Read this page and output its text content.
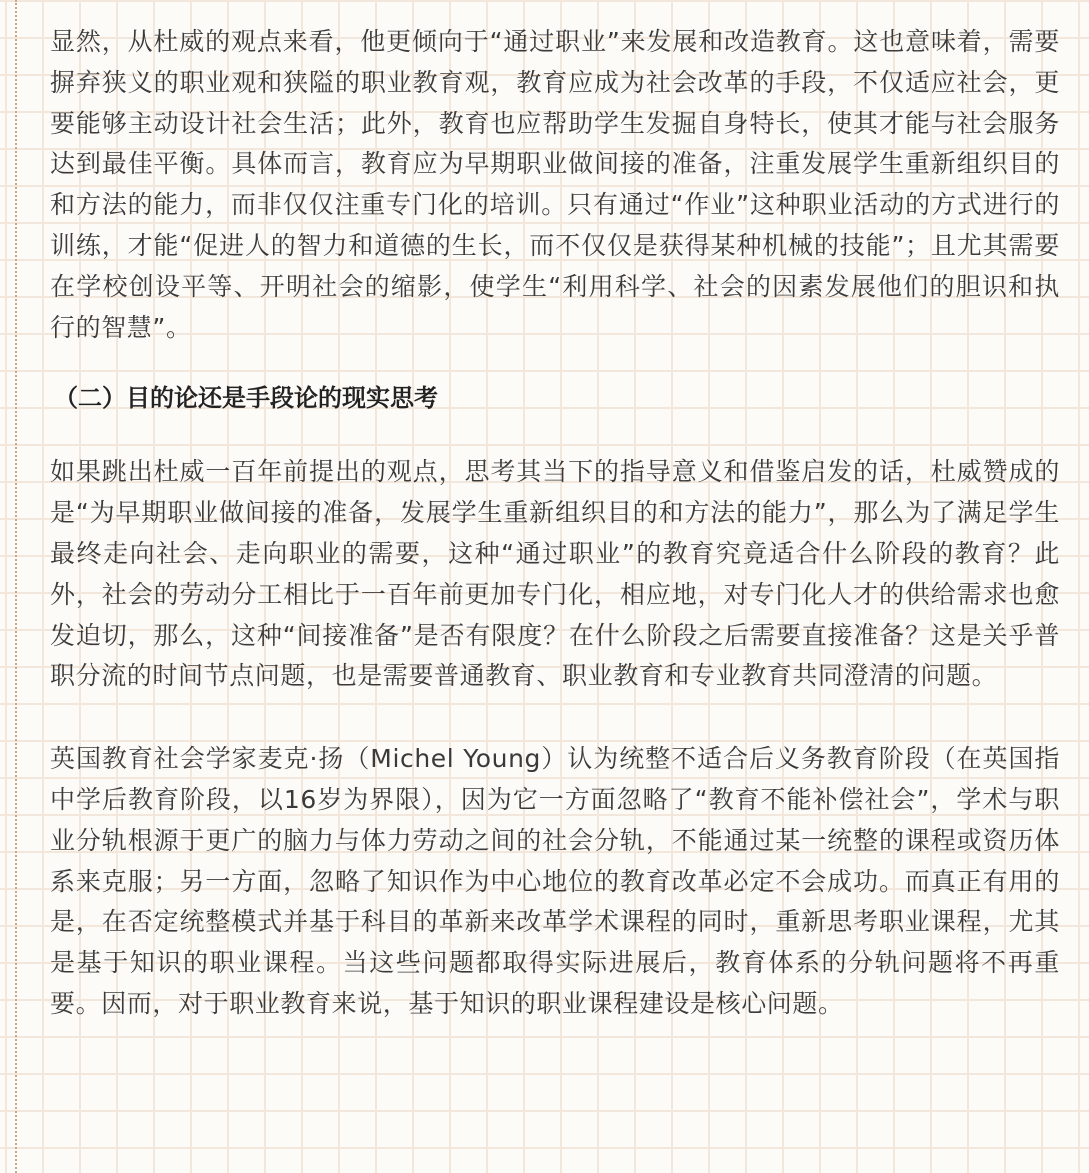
显然，从杜威的观点来看，他更倾向于“通过职业”来发展和改造教育。这也意味着，需要摒弃狭义的职业观和狭隘的职业教育观，教育应成为社会改革的手段，不仅适应社会，更要能够主动设计社会生活；此外，教育也应帮助学生发掘自身特长，使其才能与社会服务达到最佳平衡。具体而言，教育应为早期职业做间接的准备，注重发展学生重新组织目的和方法的能力，而非仅仅注重专门化的培训。只有通过“作业”这种职业活动的方式进行的训练，才能“促进人的智力和道德的生长，而不仅仅是获得某种机械的技能”；且尤其需要在学校创设平等、开明社会的缩影，使学生“利用科学、社会的因素发展他们的胆识和执行的智慧”。

（二）目的论还是手段论的现实思考

如果跳出杜威一百年前提出的观点，思考其当下的指导意义和借鉴启发的话，杜威赞成的是“为早期职业做间接的准备，发展学生重新组织目的和方法的能力”，那么为了满足学生最终走向社会、走向职业的需要，这种“通过职业”的教育究竟适合什么阶段的教育？此外，社会的劳动分工相比于一百年前更加专门化，相应地，对专门化人才的供给需求也愈发迫切，那么，这种“间接准备”是否有限度？在什么阶段之后需要直接准备？这是关乎普职分流的时间节点问题，也是需要普通教育、职业教育和专业教育共同澄清的问题。

英国教育社会学家麦克·扬（Michel Young）认为统整不适合后义务教育阶段（在英国指中学后教育阶段，以16岁为界限），因为它一方面忽略了“教育不能补偿社会”，学术与职业分轨根源于更广的脑力与体力劳动之间的社会分轨，不能通过某一统整的课程或资历体系来克服；另一方面，忽略了知识作为中心地位的教育改革必定不会成功。而真正有用的是，在否定统整模式并基于科目的革新来改革学术课程的同时，重新思考职业课程，尤其是基于知识的职业课程。当这些问题都取得实际进展后，教育体系的分轨问题将不再重要。因而，对于职业教育来说，基于知识的职业课程建设是核心问题。
